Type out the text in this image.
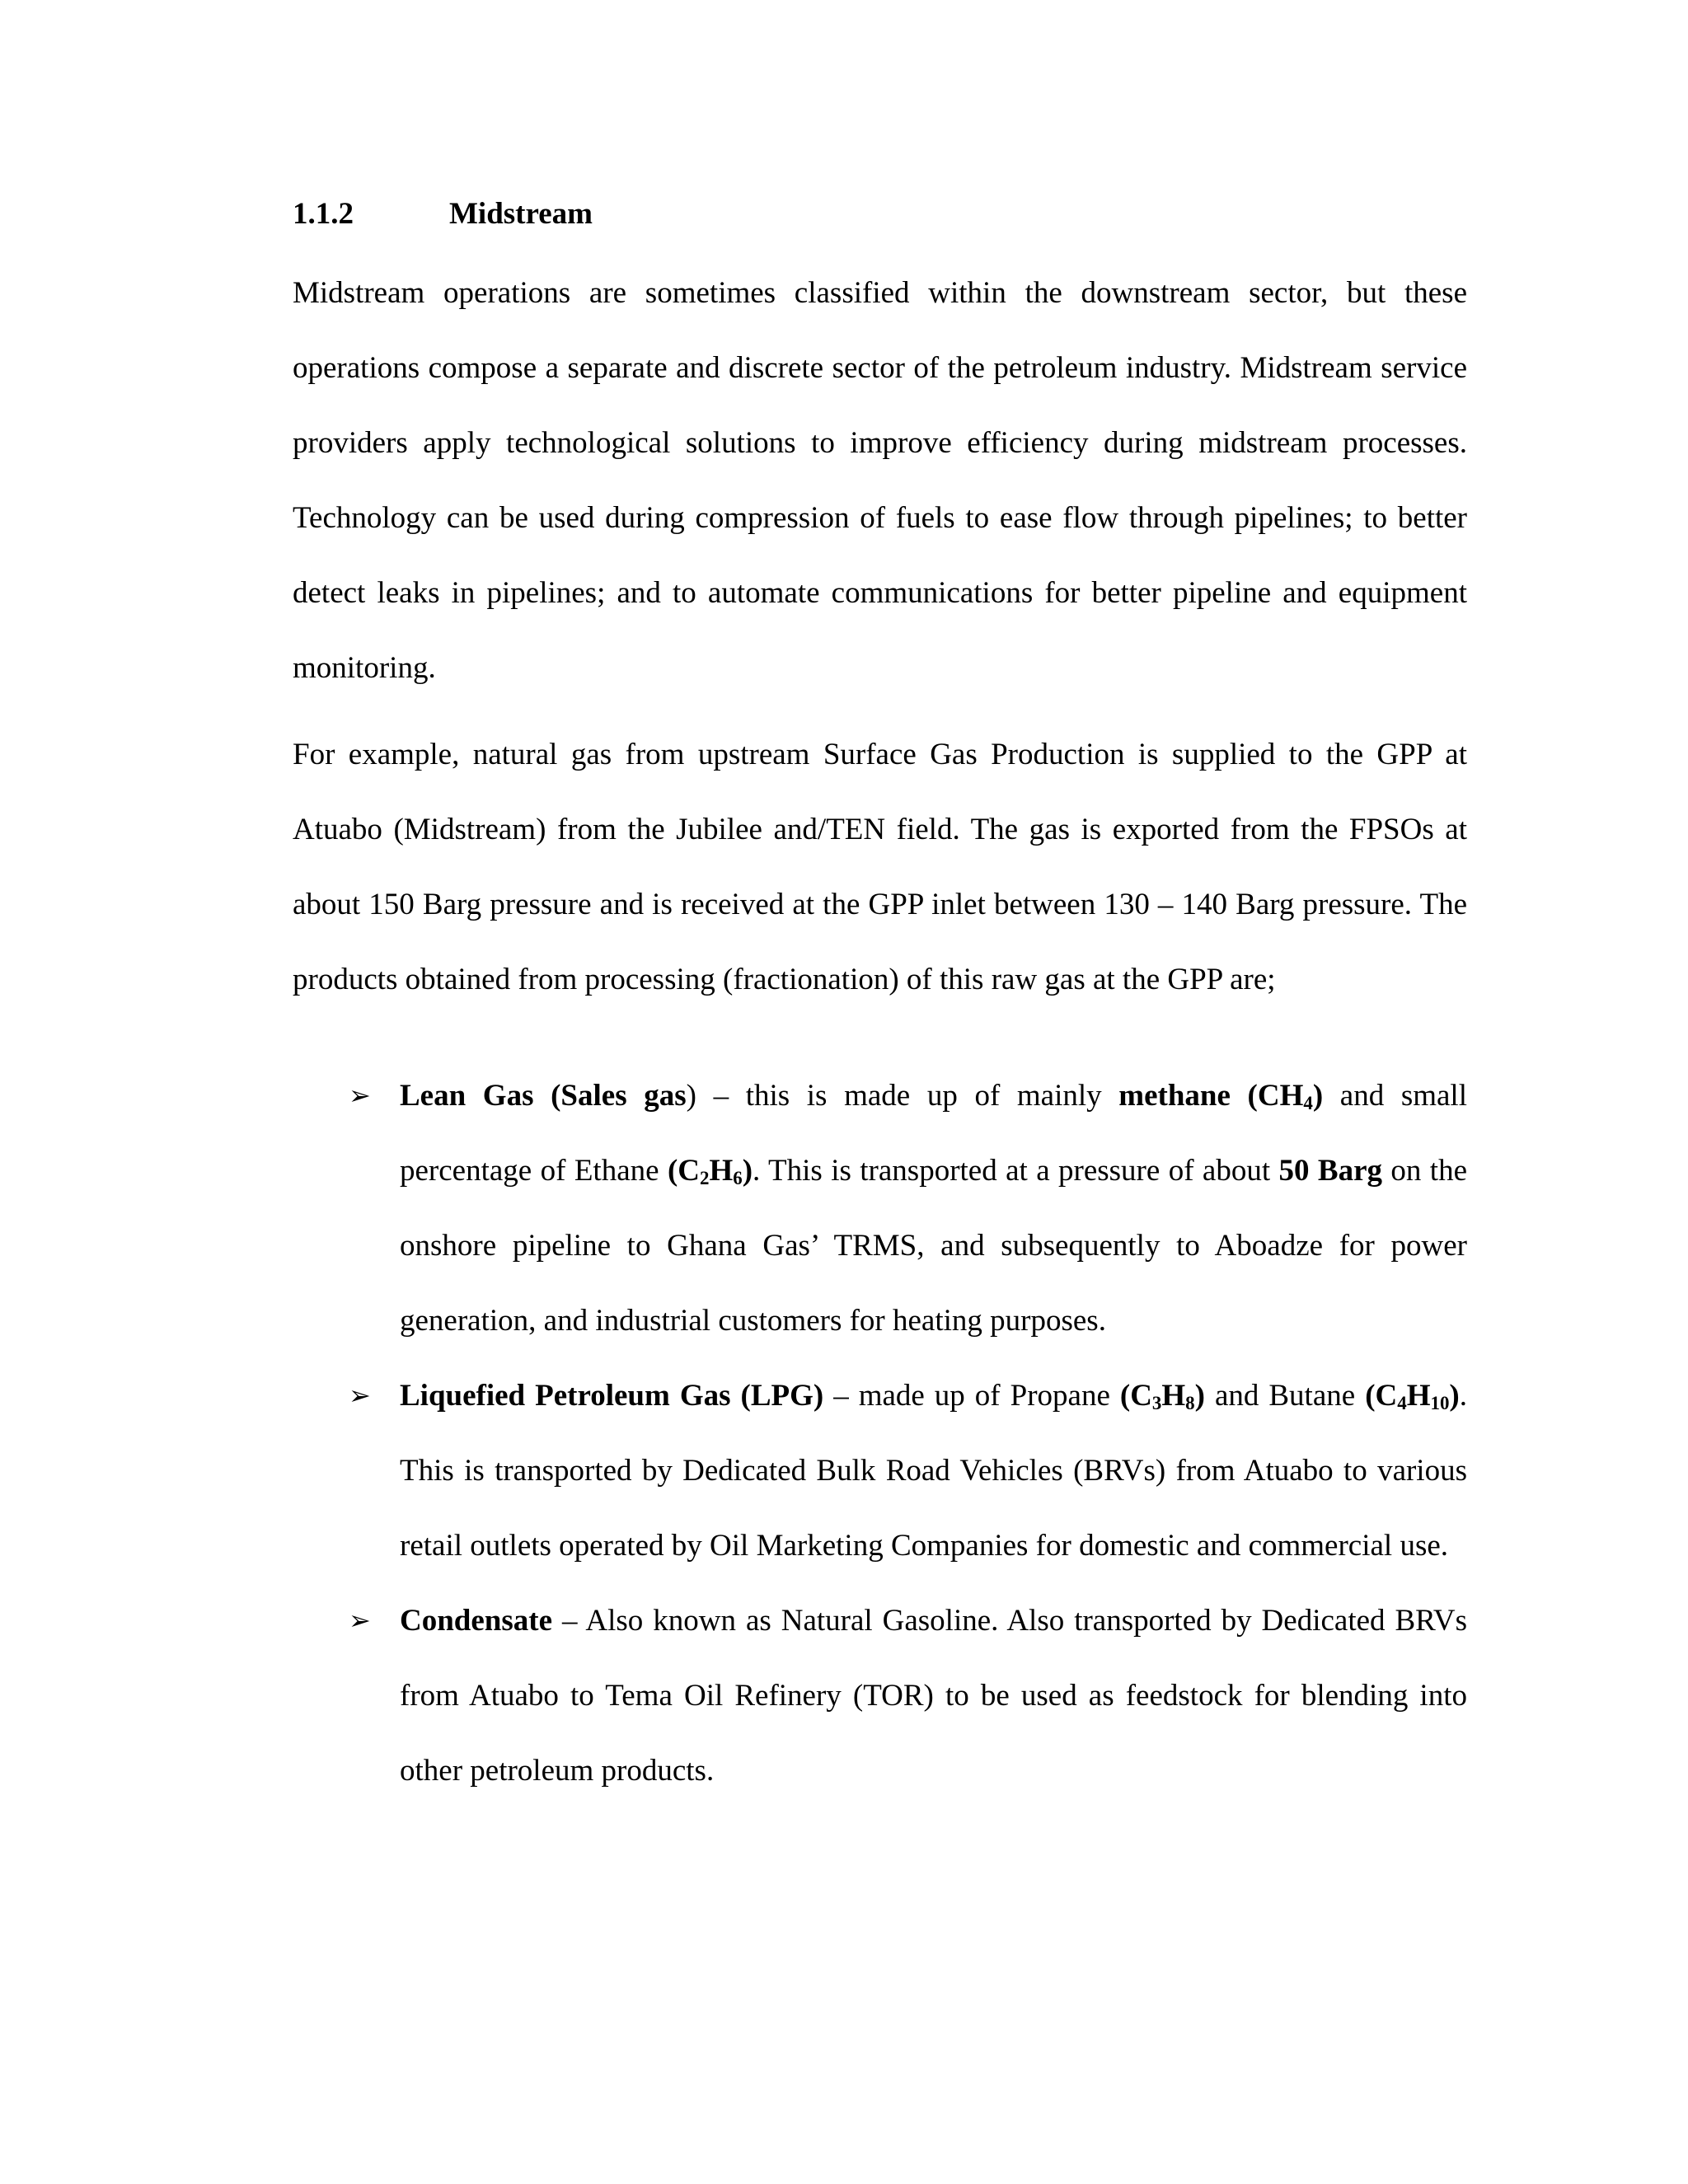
1.1.2	Midstream

Midstream operations are sometimes classified within the downstream sector, but these operations compose a separate and discrete sector of the petroleum industry. Midstream service providers apply technological solutions to improve efficiency during midstream processes. Technology can be used during compression of fuels to ease flow through pipelines; to better detect leaks in pipelines; and to automate communications for better pipeline and equipment monitoring.

For example, natural gas from upstream Surface Gas Production is supplied to the GPP at Atuabo (Midstream) from the Jubilee and/TEN field. The gas is exported from the FPSOs at about 150 Barg pressure and is received at the GPP inlet between 130 – 140 Barg pressure. The products obtained from processing (fractionation) of this raw gas at the GPP are;

➢ Lean Gas (Sales gas) – this is made up of mainly methane $(CH_4)$ and small percentage of Ethane $(C_2H_6)$. This is transported at a pressure of about 50 Barg on the onshore pipeline to Ghana Gas’ TRMS, and subsequently to Aboadze for power generation, and industrial customers for heating purposes.
➢ Liquefied Petroleum Gas (LPG) – made up of Propane $(C_3H_8)$ and Butane $(C_4H_{10})$. This is transported by Dedicated Bulk Road Vehicles (BRVs) from Atuabo to various retail outlets operated by Oil Marketing Companies for domestic and commercial use.
➢ Condensate – Also known as Natural Gasoline. Also transported by Dedicated BRVs from Atuabo to Tema Oil Refinery (TOR) to be used as feedstock for blending into other petroleum products.
